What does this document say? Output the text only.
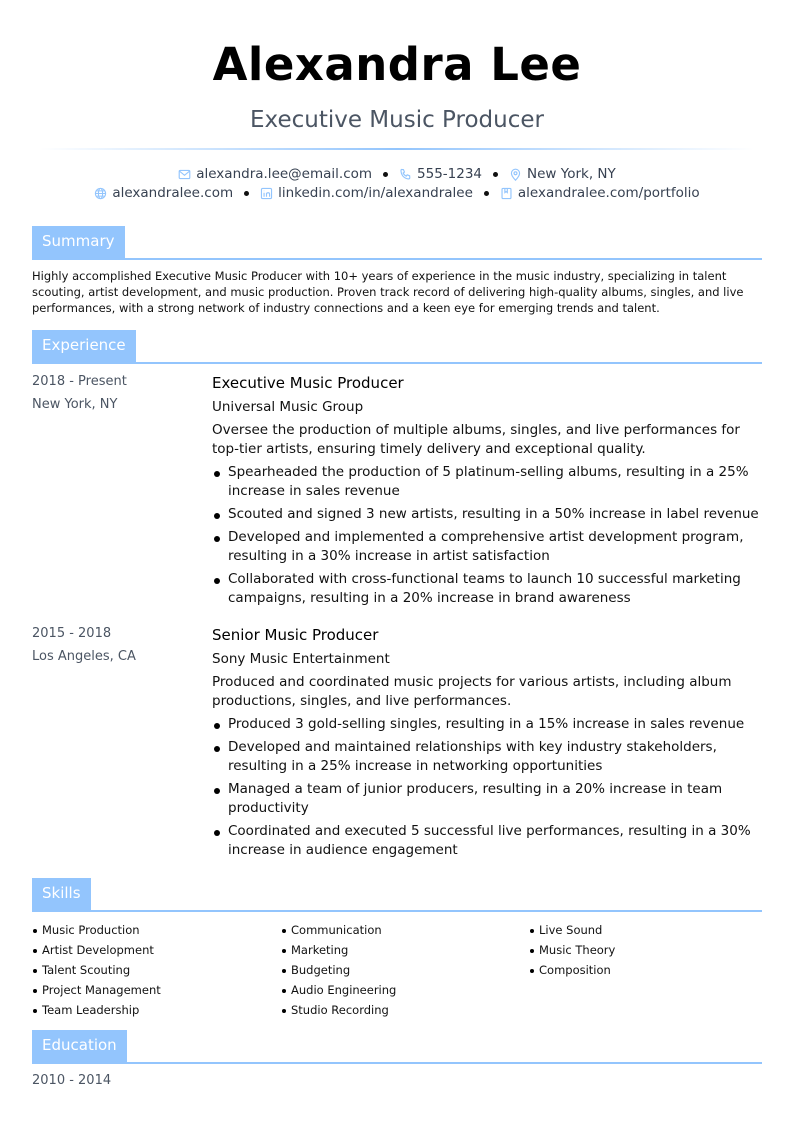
Alexandra Lee
Executive Music Producer
alexandra.lee@email.com	555-1234	New York, NY
alexandralee.com	linkedin.com/in/alexandralee	alexandralee.com/portfolio
Summary

Highly accomplished Executive Music Producer with 10+ years of experience in the music industry, specializing in talent scouting, artist development, and music production. Proven track record of delivering high-quality albums, singles, and live performances, with a strong network of industry connections and a keen eye for emerging trends and talent.

Experience
2018 - Present
New York, NY
Executive Music Producer
Universal Music Group
Oversee the production of multiple albums, singles, and live performances for top-tier artists, ensuring timely delivery and exceptional quality.
Spearheaded the production of 5 platinum-selling albums, resulting in a 25% increase in sales revenue
Scouted and signed 3 new artists, resulting in a 50% increase in label revenue
Developed and implemented a comprehensive artist development program, resulting in a 30% increase in artist satisfaction
Collaborated with cross-functional teams to launch 10 successful marketing campaigns, resulting in a 20% increase in brand awareness
2015 - 2018
Los Angeles, CA
Senior Music Producer
Sony Music Entertainment
Produced and coordinated music projects for various artists, including album productions, singles, and live performances.
Produced 3 gold-selling singles, resulting in a 15% increase in sales revenue
Developed and maintained relationships with key industry stakeholders, resulting in a 25% increase in networking opportunities
Managed a team of junior producers, resulting in a 20% increase in team productivity
Coordinated and executed 5 successful live performances, resulting in a 30% increase in audience engagement
Skills
Music Production
Artist Development
Talent Scouting
Project Management
Team Leadership
Communication
Marketing
Budgeting
Audio Engineering
Studio Recording
Live Sound
Music Theory
Composition
Education
2010 - 2014
